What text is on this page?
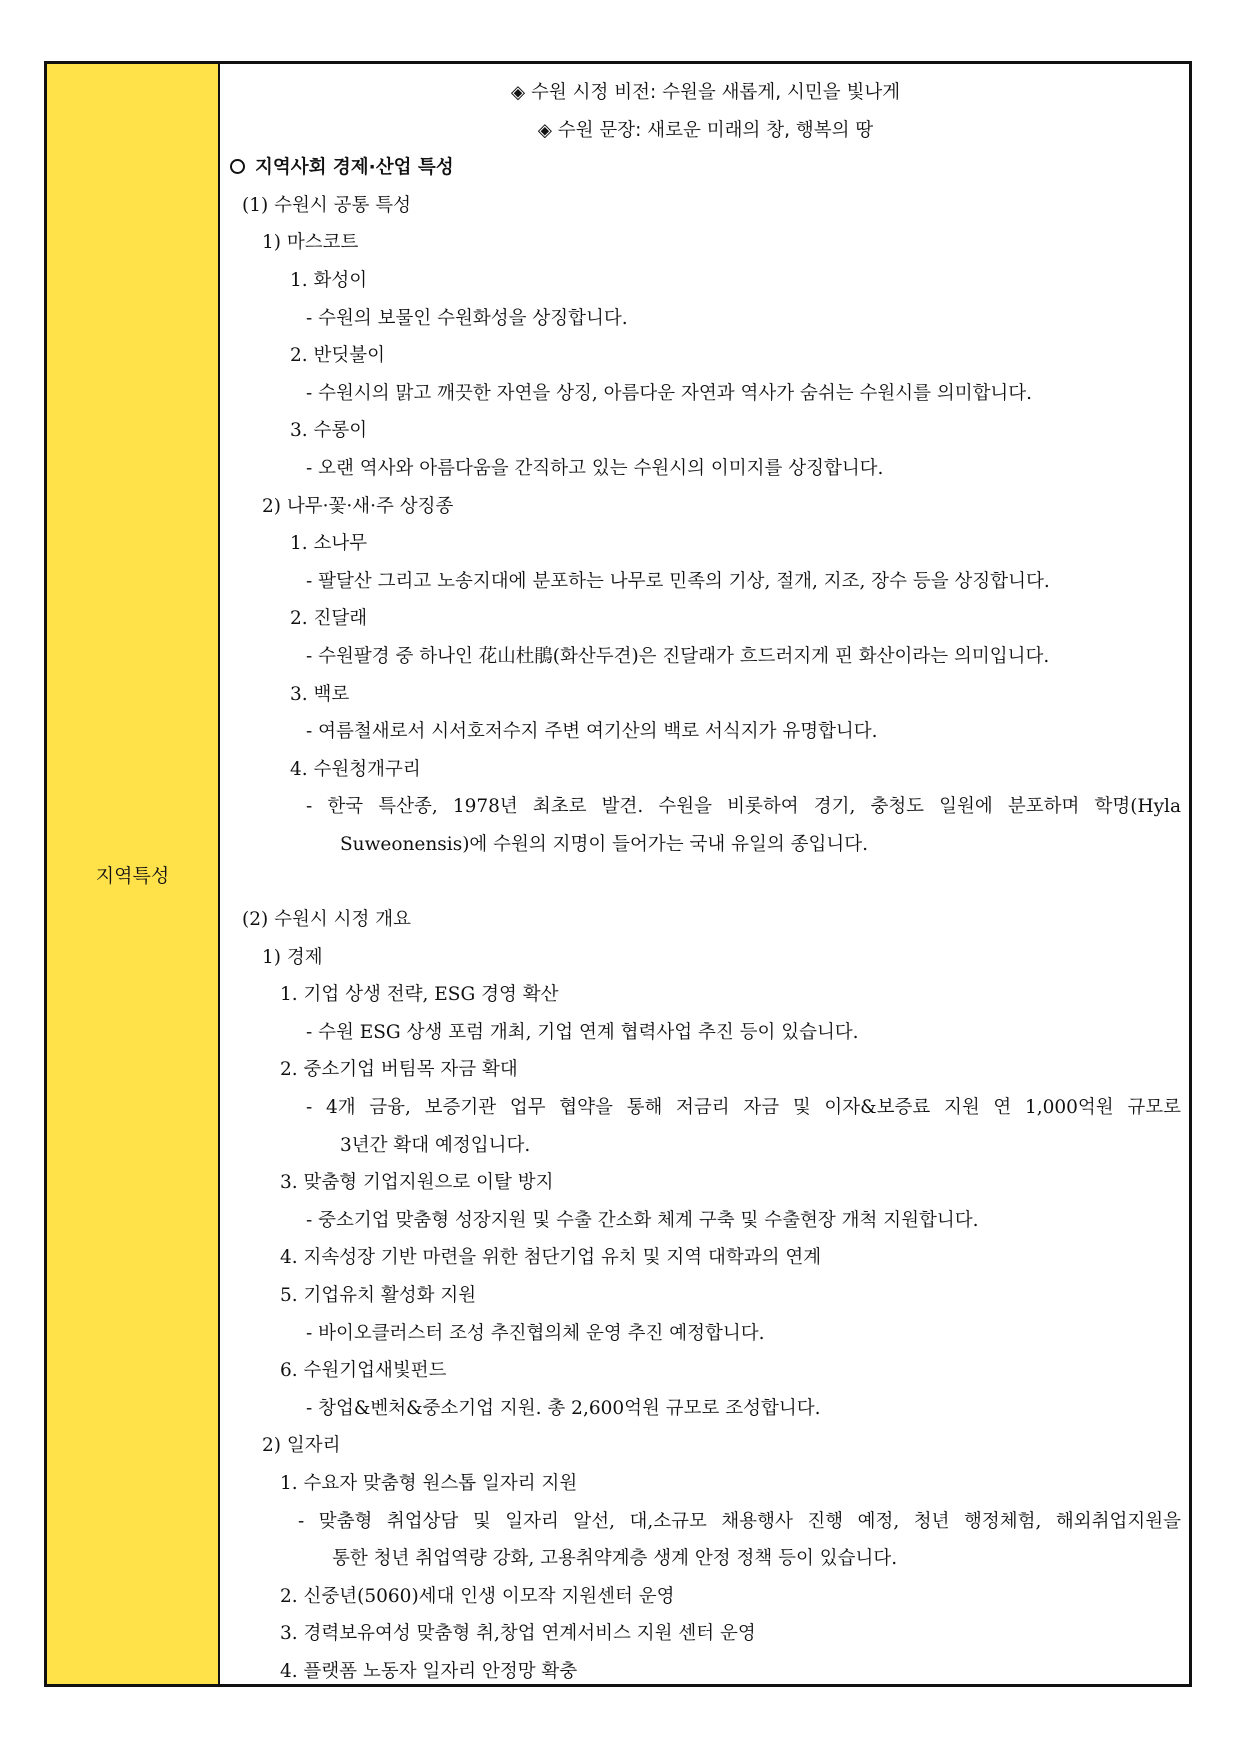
지역특성
◈ 수원 시정 비전: 수원을 새롭게, 시민을 빛나게
◈ 수원 문장: 새로운 미래의 창, 행복의 땅
지역사회 경제·산업 특성
(1) 수원시 공통 특성
1) 마스코트
1. 화성이
- 수원의 보물인 수원화성을 상징합니다.
2. 반딧불이
- 수원시의 맑고 깨끗한 자연을 상징, 아름다운 자연과 역사가 숨쉬는 수원시를 의미합니다.
3. 수롱이
- 오랜 역사와 아름다움을 간직하고 있는 수원시의 이미지를 상징합니다.
2) 나무·꽃·새·주 상징종
1. 소나무
- 팔달산 그리고 노송지대에 분포하는 나무로 민족의 기상, 절개, 지조, 장수 등을 상징합니다.
2. 진달래
- 수원팔경 중 하나인 花山杜鵑(화산두견)은 진달래가 흐드러지게 핀 화산이라는 의미입니다.
3. 백로
- 여름철새로서 시서호저수지 주변 여기산의 백로 서식지가 유명합니다.
4. 수원청개구리
- 한국 특산종, 1978년 최초로 발견. 수원을 비롯하여 경기, 충청도 일원에 분포하며 학명(Hyla
Suweonensis)에 수원의 지명이 들어가는 국내 유일의 종입니다.
(2) 수원시 시정 개요
1) 경제
1. 기업 상생 전략, ESG 경영 확산
- 수원 ESG 상생 포럼 개최, 기업 연계 협력사업 추진 등이 있습니다.
2. 중소기업 버팀목 자금 확대
- 4개 금융, 보증기관 업무 협약을 통해 저금리 자금 및 이자&보증료 지원 연 1,000억원 규모로
3년간 확대 예정입니다.
3. 맞춤형 기업지원으로 이탈 방지
- 중소기업 맞춤형 성장지원 및 수출 간소화 체계 구축 및 수출현장 개척 지원합니다.
4. 지속성장 기반 마련을 위한 첨단기업 유치 및 지역 대학과의 연계
5. 기업유치 활성화 지원
- 바이오클러스터 조성 추진협의체 운영 추진 예정합니다.
6. 수원기업새빛펀드
- 창업&벤처&중소기업 지원. 총 2,600억원 규모로 조성합니다.
2) 일자리
1. 수요자 맞춤형 원스톱 일자리 지원
- 맞춤형 취업상담 및 일자리 알선, 대,소규모 채용행사 진행 예정, 청년 행정체험, 해외취업지원을
통한 청년 취업역량 강화, 고용취약계층 생계 안정 정책 등이 있습니다.
2. 신중년(5060)세대 인생 이모작 지원센터 운영
3. 경력보유여성 맞춤형 취,창업 연계서비스 지원 센터 운영
4. 플랫폼 노동자 일자리 안정망 확충
